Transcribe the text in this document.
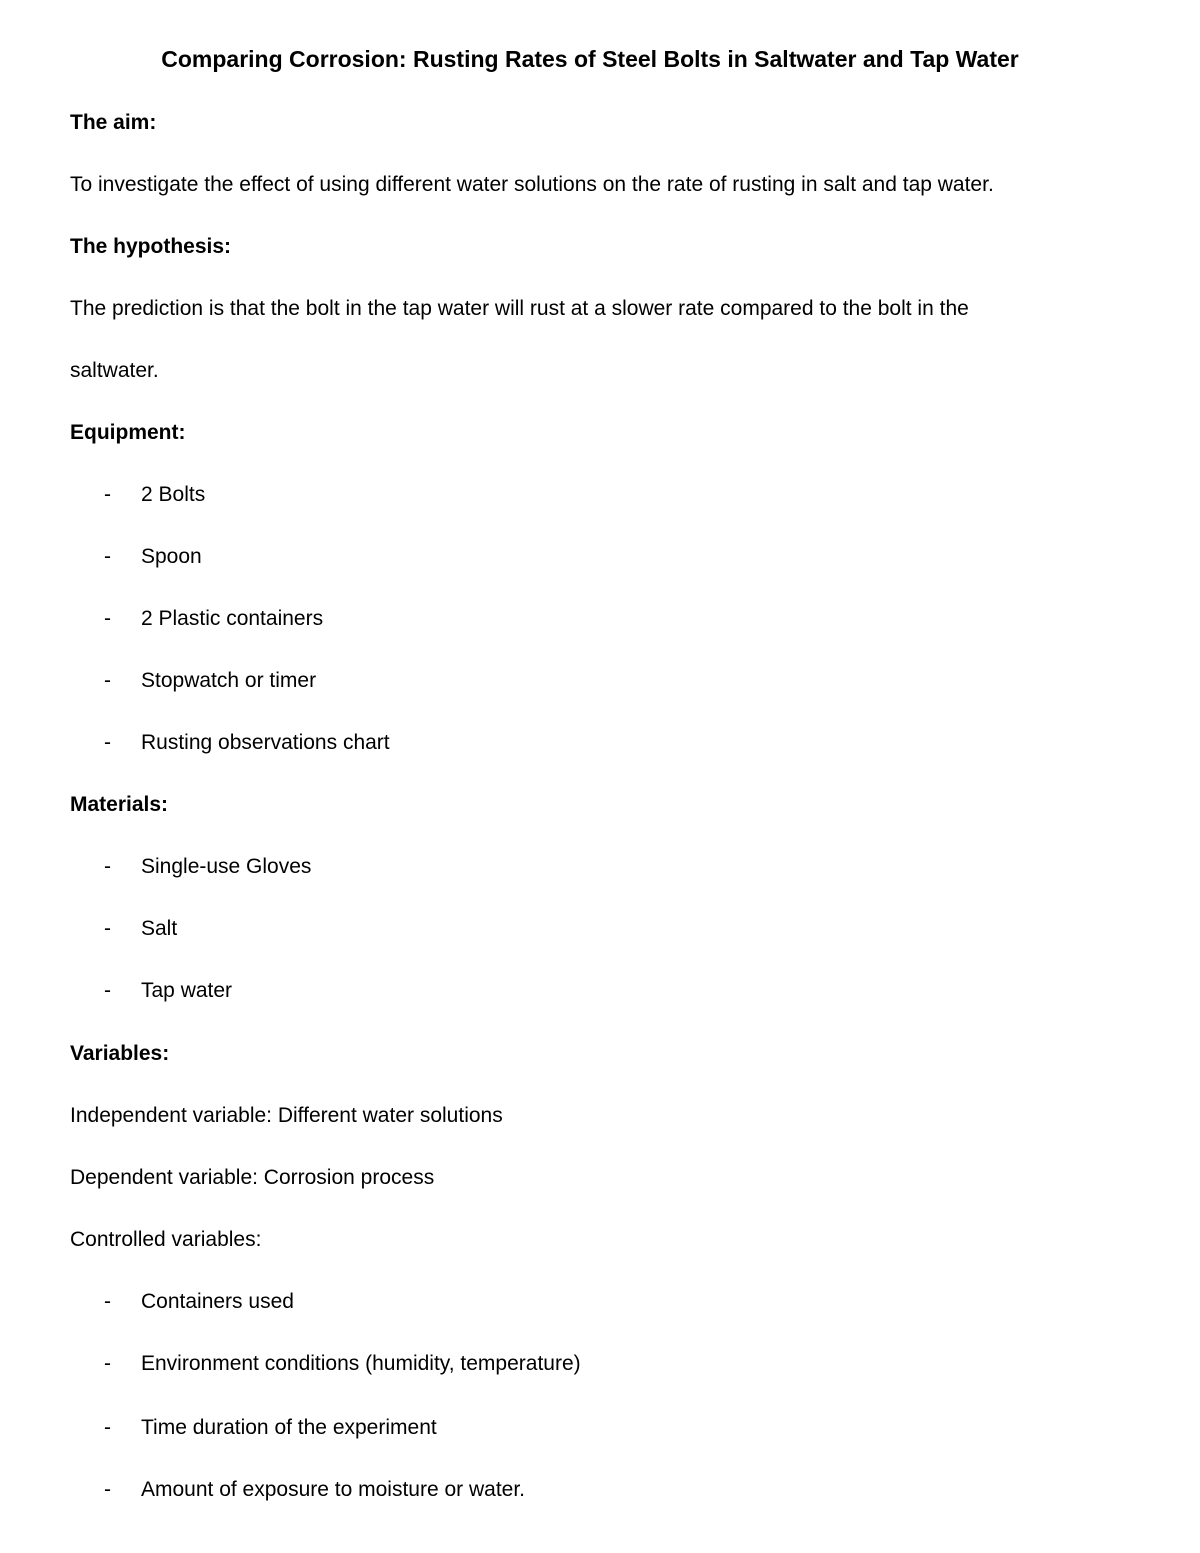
Comparing Corrosion: Rusting Rates of Steel Bolts in Saltwater and Tap Water
The aim:
To investigate the effect of using different water solutions on the rate of rusting in salt and tap water.
The hypothesis:
The prediction is that the bolt in the tap water will rust at a slower rate compared to the bolt in the
saltwater.
Equipment:
- 2 Bolts
- Spoon
- 2 Plastic containers
- Stopwatch or timer
- Rusting observations chart
Materials:
- Single-use Gloves
- Salt
- Tap water
Variables:
Independent variable: Different water solutions
Dependent variable: Corrosion process
Controlled variables:
- Containers used
- Environment conditions (humidity, temperature)
- Time duration of the experiment
- Amount of exposure to moisture or water.
